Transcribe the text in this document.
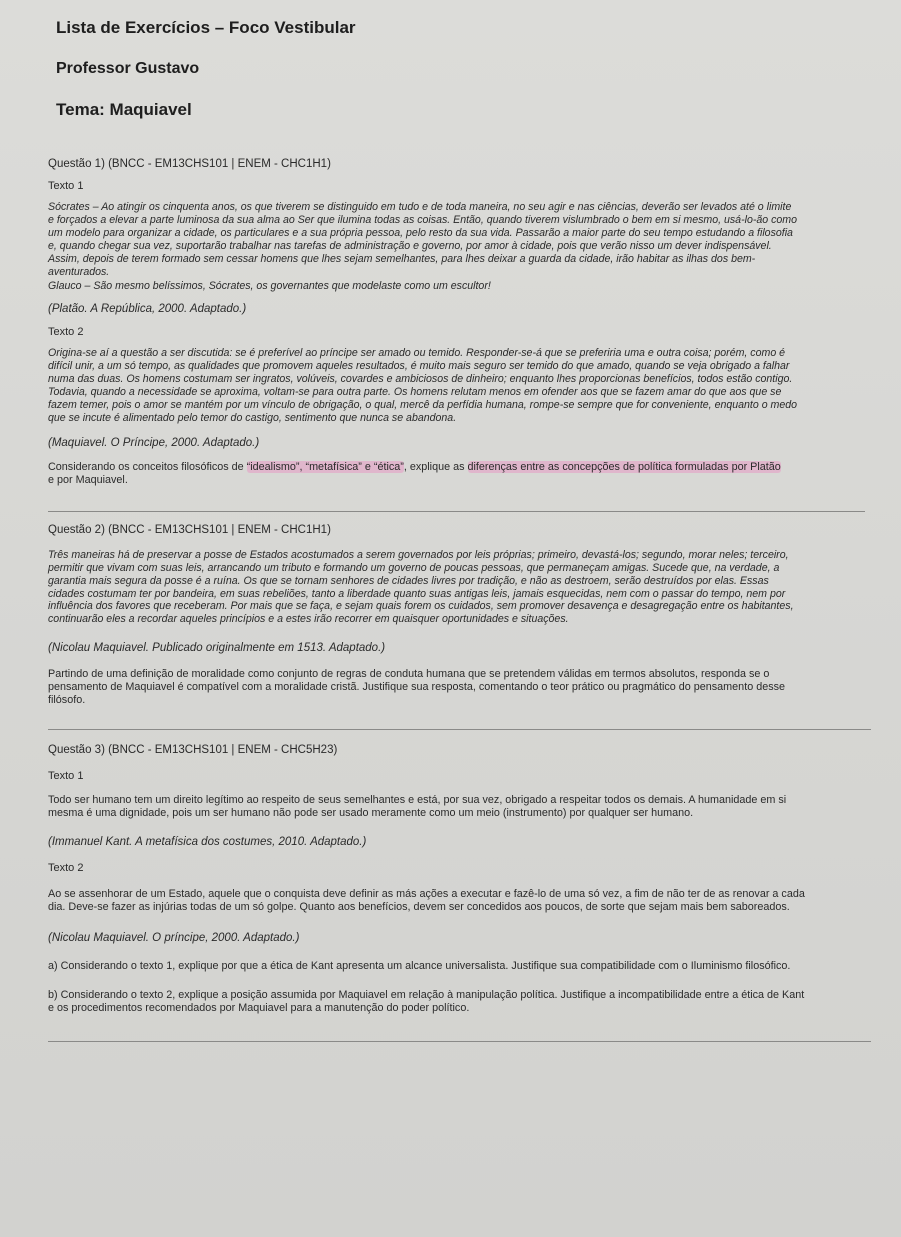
Lista de Exercícios – Foco Vestibular

Professor Gustavo

Tema: Maquiavel

Questão 1) (BNCC - EM13CHS101 | ENEM - CHC1H1)

Texto 1

Sócrates – Ao atingir os cinquenta anos, os que tiverem se distinguido em tudo e de toda maneira, no seu agir e nas ciências, deverão ser levados até o limite

e forçados a elevar a parte luminosa da sua alma ao Ser que ilumina todas as coisas. Então, quando tiverem vislumbrado o bem em si mesmo, usá-lo-ão como

um modelo para organizar a cidade, os particulares e a sua própria pessoa, pelo resto da sua vida. Passarão a maior parte do seu tempo estudando a filosofia

e, quando chegar sua vez, suportarão trabalhar nas tarefas de administração e governo, por amor à cidade, pois que verão nisso um dever indispensável.

Assim, depois de terem formado sem cessar homens que lhes sejam semelhantes, para lhes deixar a guarda da cidade, irão habitar as ilhas dos bem-

aventurados.

Glauco – São mesmo belíssimos, Sócrates, os governantes que modelaste como um escultor!

(Platão. A República, 2000. Adaptado.)

Texto 2

Origina-se aí a questão a ser discutida: se é preferível ao príncipe ser amado ou temido. Responder-se-á que se preferiria uma e outra coisa; porém, como é

difícil unir, a um só tempo, as qualidades que promovem aqueles resultados, é muito mais seguro ser temido do que amado, quando se veja obrigado a falhar

numa das duas. Os homens costumam ser ingratos, volúveis, covardes e ambiciosos de dinheiro; enquanto lhes proporcionas benefícios, todos estão contigo.

Todavia, quando a necessidade se aproxima, voltam-se para outra parte. Os homens relutam menos em ofender aos que se fazem amar do que aos que se

fazem temer, pois o amor se mantém por um vínculo de obrigação, o qual, mercê da perfídia humana, rompe-se sempre que for conveniente, enquanto o medo

que se incute é alimentado pelo temor do castigo, sentimento que nunca se abandona.

(Maquiavel. O Príncipe, 2000. Adaptado.)

Considerando os conceitos filosóficos de “idealismo”, “metafísica” e “ética”, explique as diferenças entre as concepções de política formuladas por Platão

e por Maquiavel.

Questão 2) (BNCC - EM13CHS101 | ENEM - CHC1H1)

Três maneiras há de preservar a posse de Estados acostumados a serem governados por leis próprias; primeiro, devastá-los; segundo, morar neles; terceiro,

permitir que vivam com suas leis, arrancando um tributo e formando um governo de poucas pessoas, que permaneçam amigas. Sucede que, na verdade, a

garantia mais segura da posse é a ruína. Os que se tornam senhores de cidades livres por tradição, e não as destroem, serão destruídos por elas. Essas

cidades costumam ter por bandeira, em suas rebeliões, tanto a liberdade quanto suas antigas leis, jamais esquecidas, nem com o passar do tempo, nem por

influência dos favores que receberam. Por mais que se faça, e sejam quais forem os cuidados, sem promover desavença e desagregação entre os habitantes,

continuarão eles a recordar aqueles princípios e a estes irão recorrer em quaisquer oportunidades e situações.

(Nicolau Maquiavel. Publicado originalmente em 1513. Adaptado.)

Partindo de uma definição de moralidade como conjunto de regras de conduta humana que se pretendem válidas em termos absolutos, responda se o

pensamento de Maquiavel é compatível com a moralidade cristã. Justifique sua resposta, comentando o teor prático ou pragmático do pensamento desse

filósofo.

Questão 3) (BNCC - EM13CHS101 | ENEM - CHC5H23)

Texto 1

Todo ser humano tem um direito legítimo ao respeito de seus semelhantes e está, por sua vez, obrigado a respeitar todos os demais. A humanidade em si

mesma é uma dignidade, pois um ser humano não pode ser usado meramente como um meio (instrumento) por qualquer ser humano.

(Immanuel Kant. A metafísica dos costumes, 2010. Adaptado.)

Texto 2

Ao se assenhorar de um Estado, aquele que o conquista deve definir as más ações a executar e fazê-lo de uma só vez, a fim de não ter de as renovar a cada

dia. Deve-se fazer as injúrias todas de um só golpe. Quanto aos benefícios, devem ser concedidos aos poucos, de sorte que sejam mais bem saboreados.

(Nicolau Maquiavel. O príncipe, 2000. Adaptado.)

a) Considerando o texto 1, explique por que a ética de Kant apresenta um alcance universalista. Justifique sua compatibilidade com o Iluminismo filosófico.

b) Considerando o texto 2, explique a posição assumida por Maquiavel em relação à manipulação política. Justifique a incompatibilidade entre a ética de Kant

e os procedimentos recomendados por Maquiavel para a manutenção do poder político.
